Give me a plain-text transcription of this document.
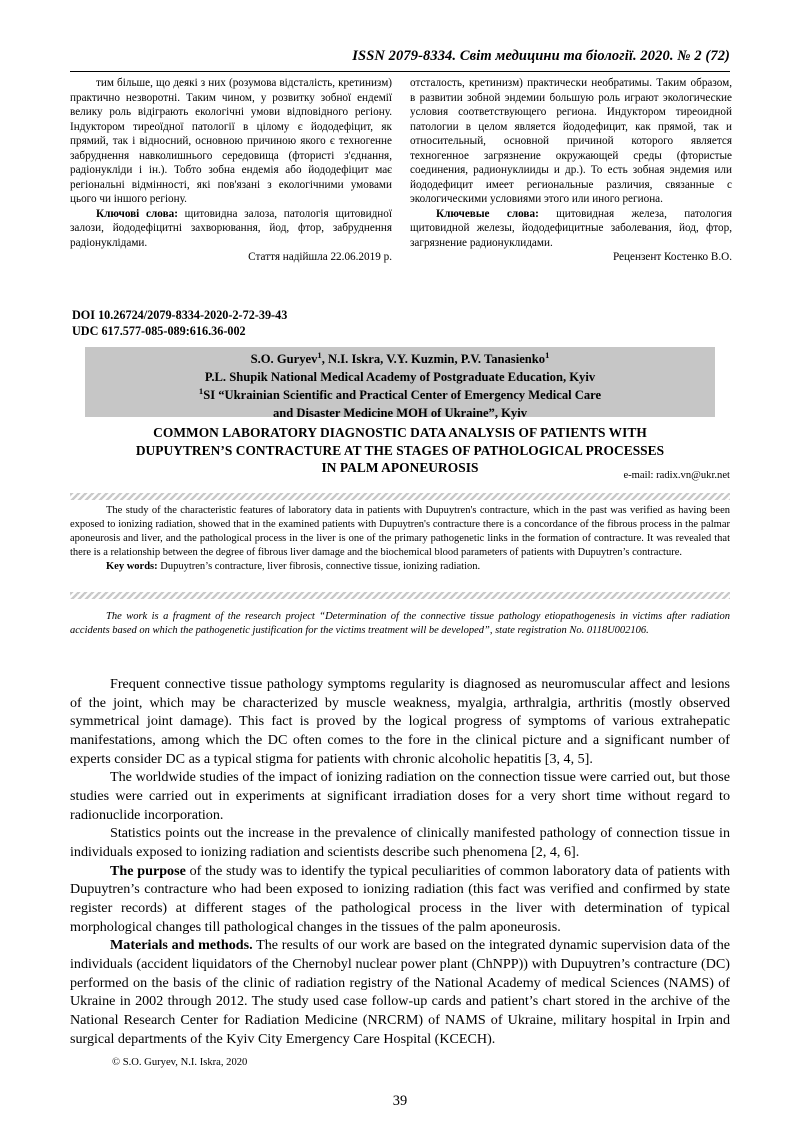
ISSN 2079-8334. Світ медицини та біології. 2020. № 2 (72)

тим більше, що деякі з них (розумова відсталість, кретинизм) практично незворотні. Таким чином, у розвитку зобної ендемії велику роль відіграють екологічні умови відповідного регіону. Індуктором тиреоїдної патології в цілому є йододефіцит, як прямий, так і відносний, основною причиною якого є техногенне забруднення навколишнього середовища (фтористі з'єднання, радіонукліди і ін.). Тобто зобна ендемія або йододефіцит має регіональні відмінності, які пов'язані з екологічними умовами цього чи іншого регіону.

Ключові слова: щитовидна залоза, патологія щитовидної залози, йододефіцитні захворювання, йод, фтор, забруднення радіонуклідами.

Стаття надійшла 22.06.2019 р.

отсталость, кретинизм) практически необратимы. Таким образом, в развитии зобной эндемии большую роль играют экологические условия соответствующего региона. Индуктором тиреоидной патологии в целом является йододефицит, как прямой, так и относительный, основной причиной которого является техногенное загрязнение окружающей среды (фтористые соединения, радионуклииды и др.). То есть зобная эндемия или йододефицит имеет региональные различия, связанные с экологическими условиями этого или иного региона.

Ключевые слова: щитовидная железа, патология щитовидной железы, йододефицитные заболевания, йод, фтор, загрязнение радионуклидами.

Рецензент Костенко В.О.

DOI 10.26724/2079-8334-2020-2-72-39-43
UDC 617.577-085-089:616.36-002
S.O. Guryev$^1$, N.I. Iskra, V.Y. Kuzmin, P.V. Tanasienko$^1$
P.L. Shupik National Medical Academy of Postgraduate Education, Kyiv
$^1$SI “Ukrainian Scientific and Practical Center of Emergency Medical Care
and Disaster Medicine MOH of Ukraine”, Kyiv
COMMON LABORATORY DIAGNOSTIC DATA ANALYSIS OF PATIENTS WITH
DUPUYTREN’S CONTRACTURE AT THE STAGES OF PATHOLOGICAL PROCESSES
IN PALM APONEUROSIS
e-mail: radix.vn@ukr.net

The study of the characteristic features of laboratory data in patients with Dupuytren's contracture, which in the past was verified as having been exposed to ionizing radiation, showed that in the examined patients with Dupuytren's contracture there is a concordance of the fibrous process in the palmar aponeurosis and liver, and the pathological process in the liver is one of the primary pathogenetic links in the formation of contracture. It was revealed that there is a relationship between the degree of fibrous liver damage and the biochemical blood parameters of patients with Dupuytren’s contracture.

Key words: Dupuytren’s contracture, liver fibrosis, connective tissue, ionizing radiation.

The work is a fragment of the research project “Determination of the connective tissue pathology etiopathogenesis in victims after radiation accidents based on which the pathogenetic justification for the victims treatment will be developed”, state registration No. 0118U002106.

Frequent connective tissue pathology symptoms regularity is diagnosed as neuromuscular affect and lesions of the joint, which may be characterized by muscle weakness, myalgia, arthralgia, arthritis (mostly observed symmetrical joint damage). This fact is proved by the logical progress of symptoms of various extrahepatic manifestations, among which the DC often comes to the fore in the clinical picture and a significant number of experts consider DC as a typical stigma for patients with chronic alcoholic hepatitis [3, 4, 5].

The worldwide studies of the impact of ionizing radiation on the connection tissue were carried out, but those studies were carried out in experiments at significant irradiation doses for a very short time without regard to radionuclide incorporation.

Statistics points out the increase in the prevalence of clinically manifested pathology of connection tissue in individuals exposed to ionizing radiation and scientists describe such phenomena [2, 4, 6].

The purpose of the study was to identify the typical peculiarities of common laboratory data of patients with Dupuytren’s contracture who had been exposed to ionizing radiation (this fact was verified and confirmed by state register records) at different stages of the pathological process in the liver with determination of typical morphological changes till pathological changes in the tissues of the palm aponeurosis.

Materials and methods. The results of our work are based on the integrated dynamic supervision data of the individuals (accident liquidators of the Chernobyl nuclear power plant (ChNPP)) with Dupuytren’s contracture (DC) performed on the basis of the clinic of radiation registry of the National Academy of medical Sciences (NAMS) of Ukraine in 2002 through 2012. The study used case follow-up cards and patient’s chart stored in the archive of the National Research Center for Radiation Medicine (NRCRM) of NAMS of Ukraine, military hospital in Irpin and surgical departments of the Kyiv City Emergency Care Hospital (KCECH).

© S.O. Guryev, N.I. Iskra, 2020
39
